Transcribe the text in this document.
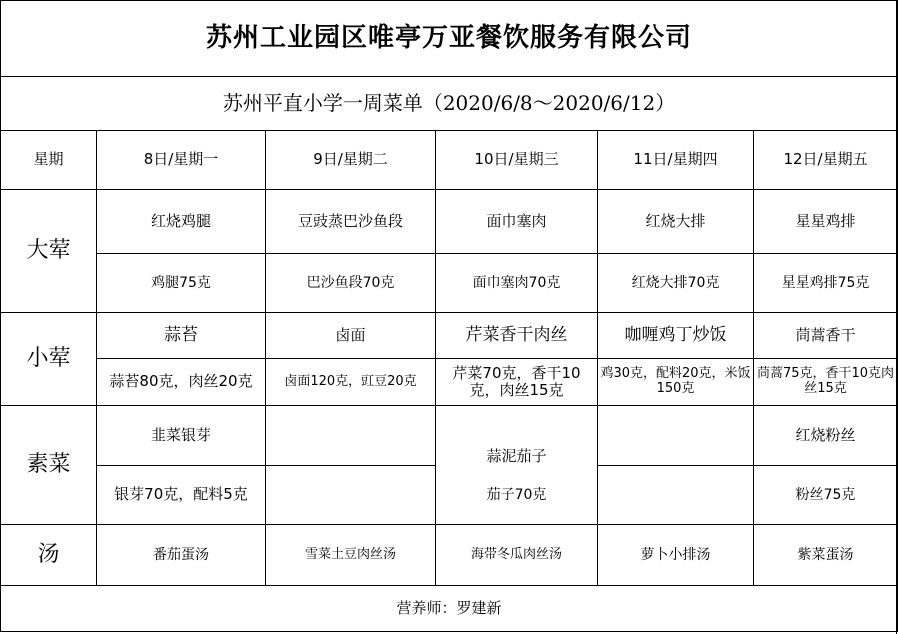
苏州工业园区唯亭万亚餐饮服务有限公司					
苏州平直小学一周菜单（2020/6/8～2020/6/12）					
星期	8日/星期一	9日/星期二	10日/星期三	11日/星期四	12日/星期五
大荤	红烧鸡腿	豆豉蒸巴沙鱼段	面巾塞肉	红烧大排	星星鸡排
	鸡腿75克	巴沙鱼段70克	面巾塞肉70克	红烧大排70克	星星鸡排75克
小荤	蒜苔	卤面	芹菜香干肉丝	咖喱鸡丁炒饭	茼蒿香干
	蒜苔80克，肉丝20克	卤面120克，豇豆20克	芹菜70克，香干10克，肉丝15克	鸡30克，配料20克，米饭150克	茼蒿75克，香干10克肉丝15克
素菜	韭菜银芽		蒜泥茄子		红烧粉丝
	银芽70克，配料5克		茄子70克		粉丝75克
汤	番茄蛋汤	雪菜土豆肉丝汤	海带冬瓜肉丝汤	萝卜小排汤	紫菜蛋汤
营养师：罗建新					
